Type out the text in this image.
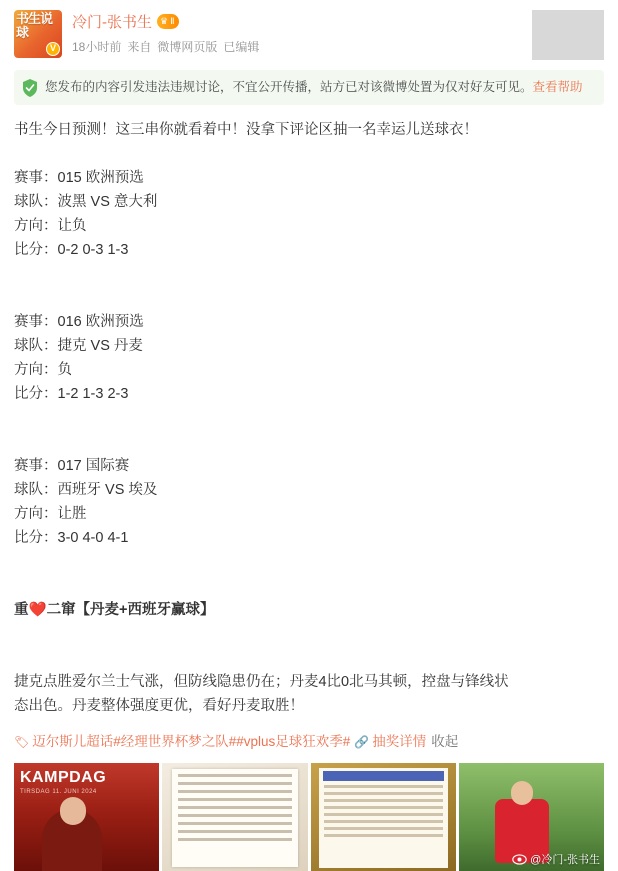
书生说球
V
冷门-张书生 ♛ Ⅱ
18小时前 来自 微博网页版 已编辑
您发布的内容引发违法违规讨论，不宜公开传播，站方已对该微博处置为仅对好友可见。查看帮助
书生今日预测！这三串你就看着中！没拿下评论区抽一名幸运儿送球衣！
赛事：015 欧洲预选
球队：波黑 VS 意大利
方向：让负
比分：0-2 0-3 1-3
赛事：016 欧洲预选
球队：捷克 VS 丹麦
方向：负
比分：1-2 1-3 2-3
赛事：017 国际赛
球队：西班牙 VS 埃及
方向：让胜
比分：3-0 4-0 4-1
重❤️二窜【丹麦+西班牙赢球】
捷克点胜爱尔兰士气涨，但防线隐患仍在；丹麦4比0北马其顿，控盘与锋线状
态出色。丹麦整体强度更优，看好丹麦取胜！
🏷 迈尔斯儿超话 #经理世界杯梦之队# #vplus足球狂欢季# 🔗 抽奖详情 收起
KAMPDAG
TIRSDAG 11. JUNI 2024
@冷门-张书生
